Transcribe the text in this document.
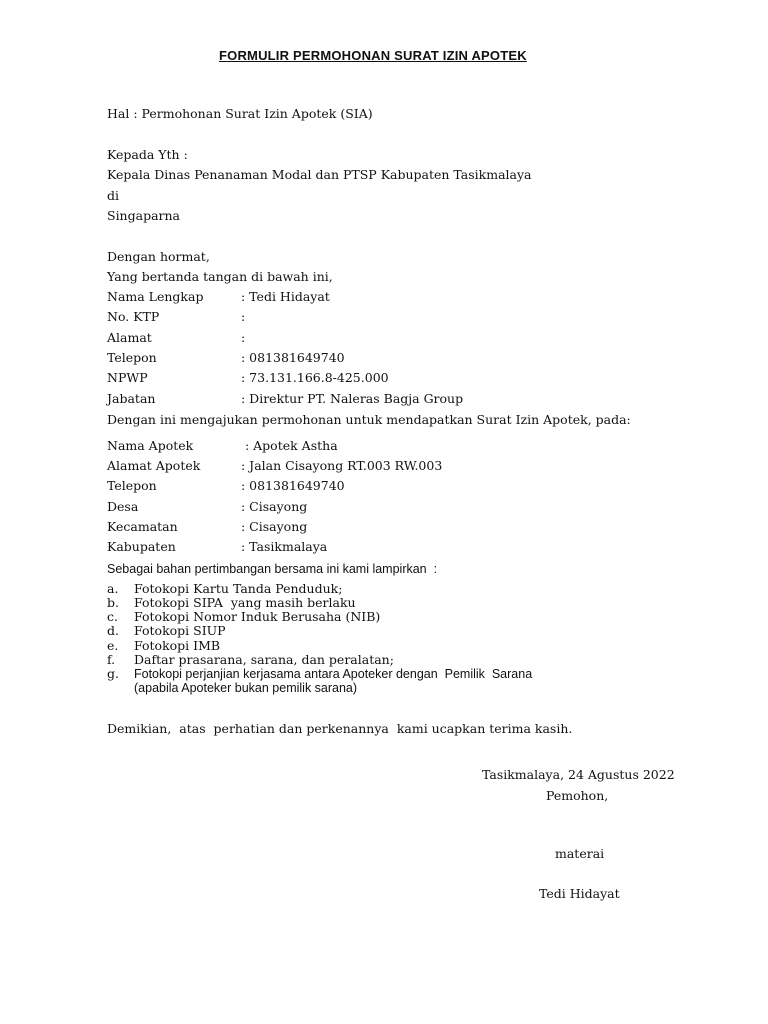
FORMULIR PERMOHONAN SURAT IZIN APOTEK
Hal : Permohonan Surat Izin Apotek (SIA)
Kepada Yth :
Kepala Dinas Penanaman Modal dan PTSP Kabupaten Tasikmalaya
di
Singaparna
Dengan hormat,
Yang bertanda tangan di bawah ini,
Nama Lengkap	: Tedi Hidayat
No. KTP	:
Alamat	:
Telepon	: 081381649740
NPWP	: 73.131.166.8-425.000
Jabatan	: Direktur PT. Naleras Bagja Group
Dengan ini mengajukan permohonan untuk mendapatkan Surat Izin Apotek, pada:
Nama Apotek	: Apotek Astha
Alamat Apotek	: Jalan Cisayong RT.003 RW.003
Telepon	: 081381649740
Desa	: Cisayong
Kecamatan	: Cisayong
Kabupaten	: Tasikmalaya
Sebagai bahan pertimbangan bersama ini kami lampirkan  :
a. Fotokopi Kartu Tanda Penduduk;
b. Fotokopi SIPA  yang masih berlaku
c. Fotokopi Nomor Induk Berusaha (NIB)
d. Fotokopi SIUP
e. Fotokopi IMB
f. Daftar prasarana, sarana, dan peralatan;
g. Fotokopi perjanjian kerjasama antara Apoteker dengan  Pemilik  Sarana
(apabila Apoteker bukan pemilik sarana)
Demikian,  atas  perhatian dan perkenannya  kami ucapkan terima kasih.
Tasikmalaya, 24 Agustus 2022
Pemohon,
materai
Tedi Hidayat
